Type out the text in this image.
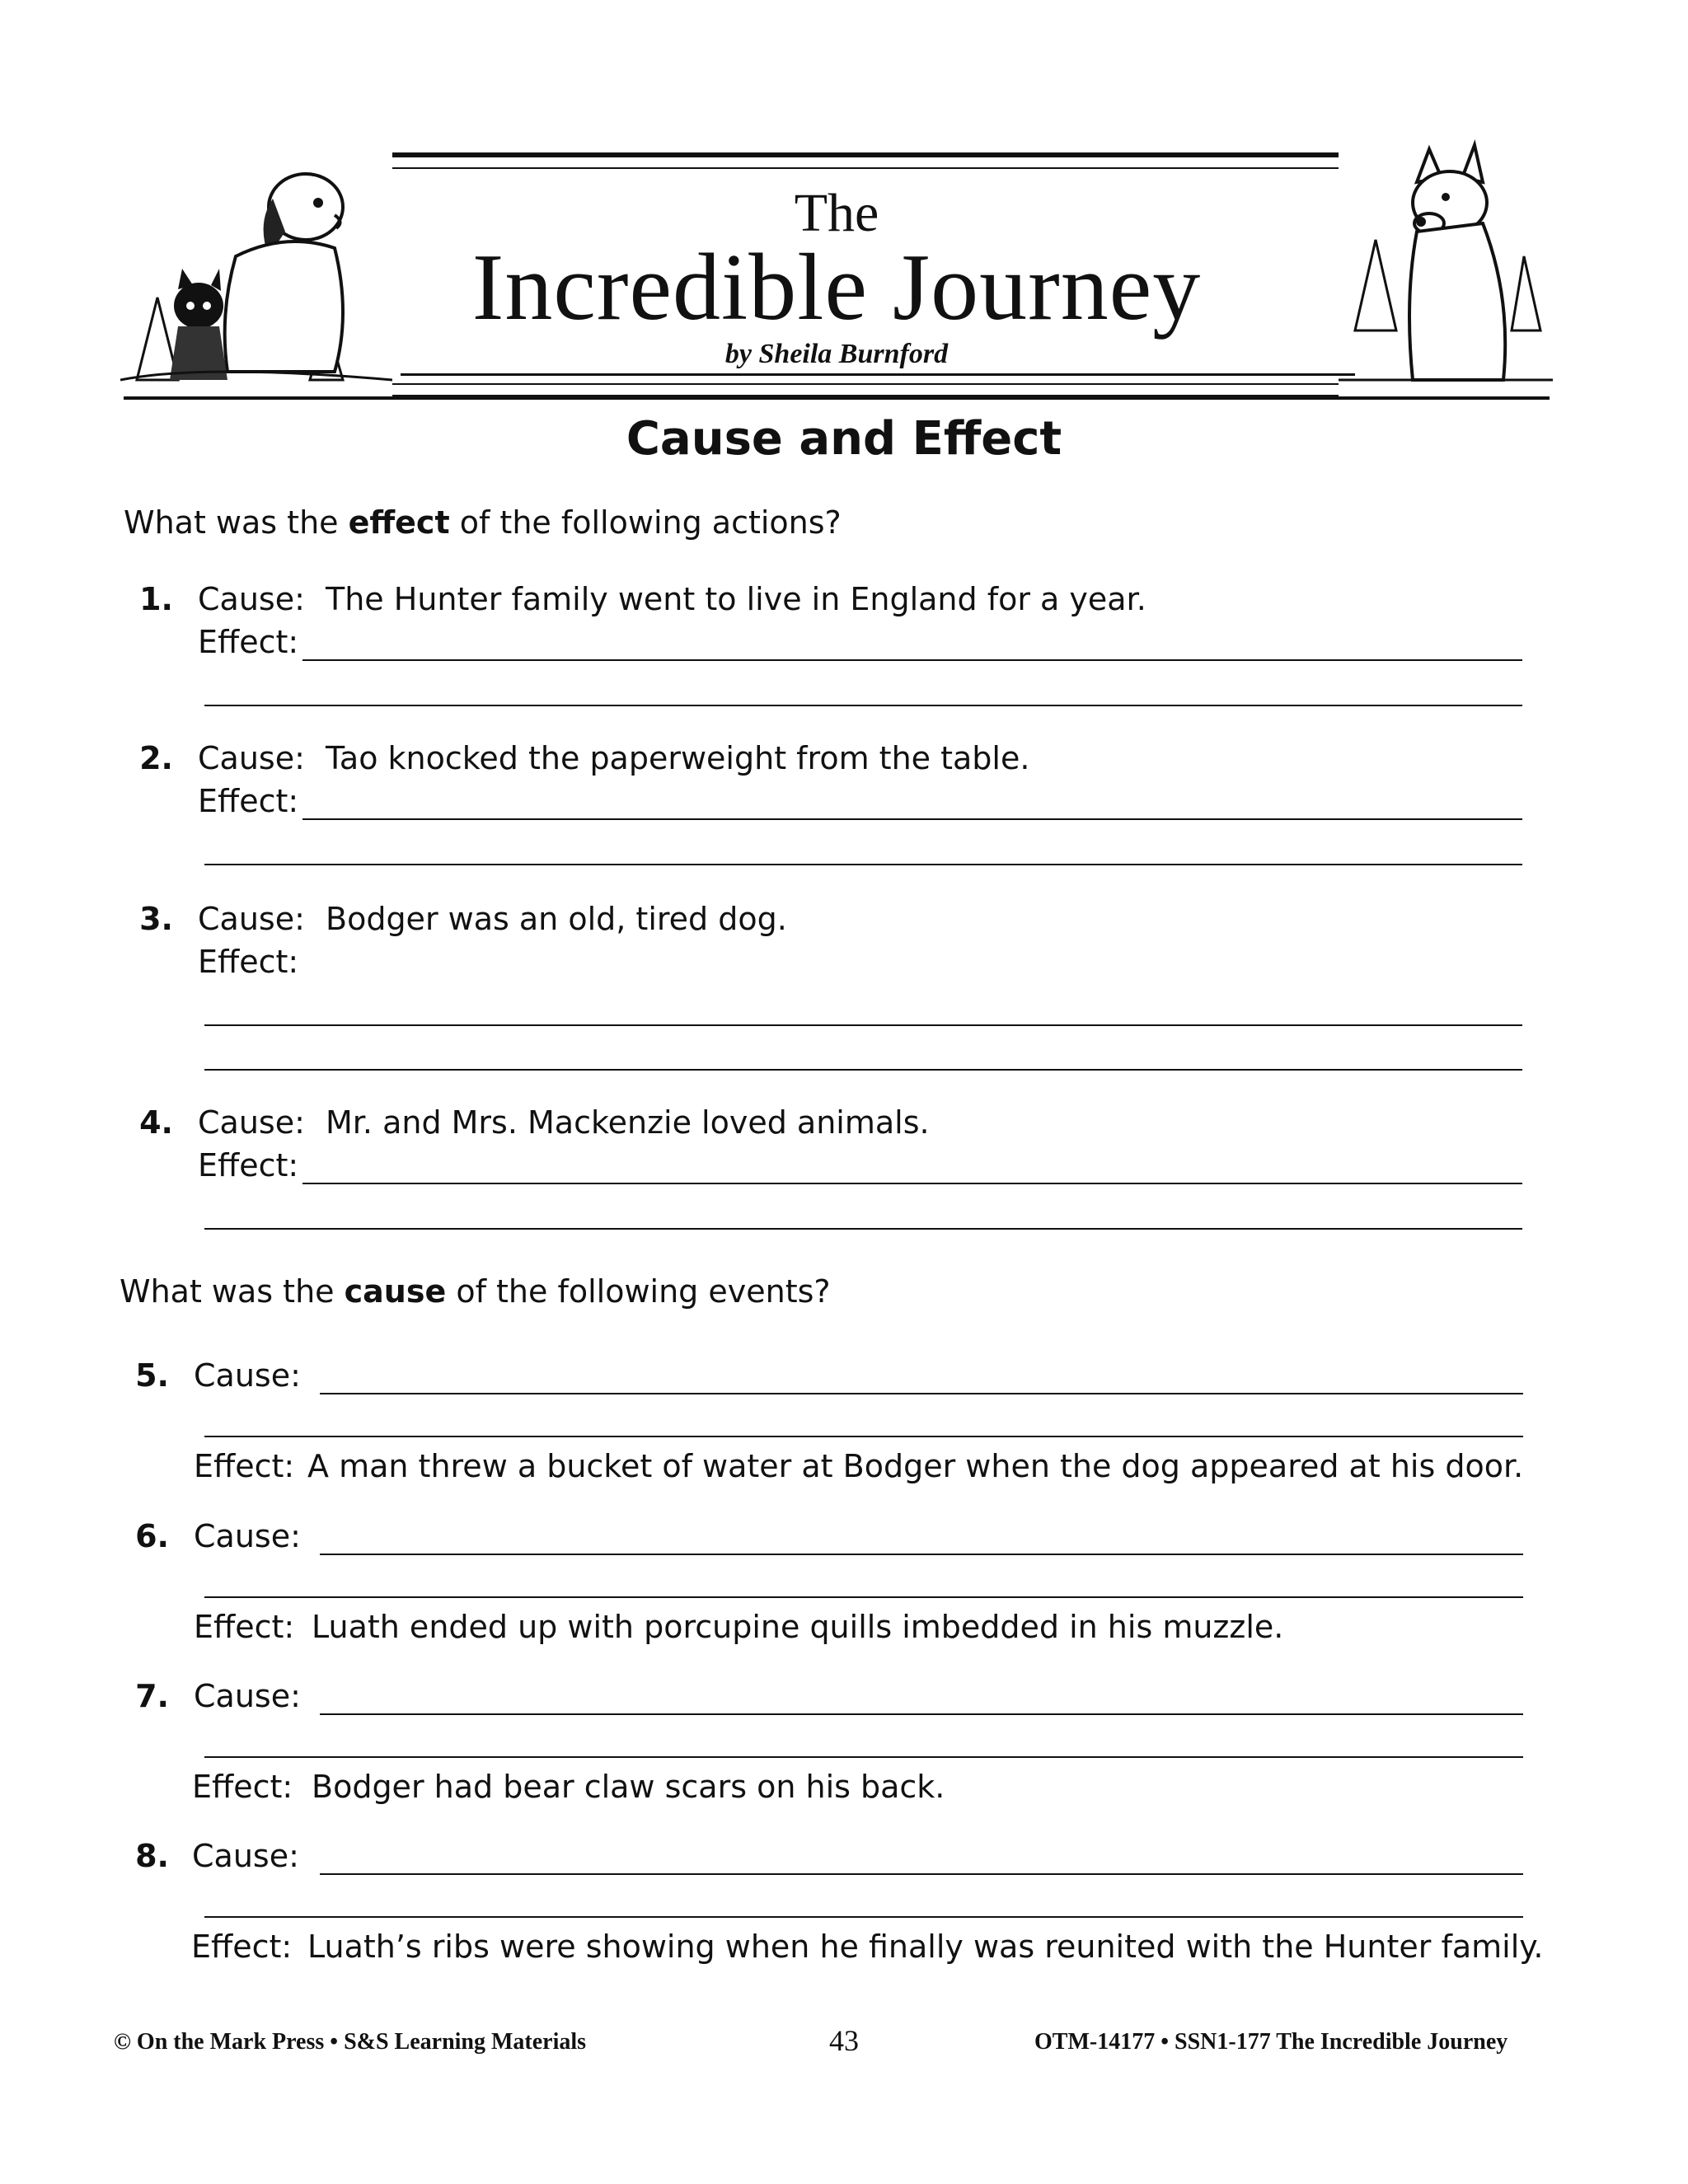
The
Incredible Journey
by Sheila Burnford
Cause and Effect
What was the effect of the following actions?
1. Cause: The Hunter family went to live in England for a year.
Effect:
2. Cause: Tao knocked the paperweight from the table.
Effect:
3. Cause: Bodger was an old, tired dog.
Effect:
4. Cause: Mr. and Mrs. Mackenzie loved animals.
Effect:
What was the cause of the following events?
5. Cause:
Effect: A man threw a bucket of water at Bodger when the dog appeared at his door.
6. Cause:
Effect: Luath ended up with porcupine quills imbedded in his muzzle.
7. Cause:
Effect: Bodger had bear claw scars on his back.
8. Cause:
Effect: Luath’s ribs were showing when he finally was reunited with the Hunter family.
© On the Mark Press • S&S Learning Materials	43	OTM-14177 • SSN1-177 The Incredible Journey
